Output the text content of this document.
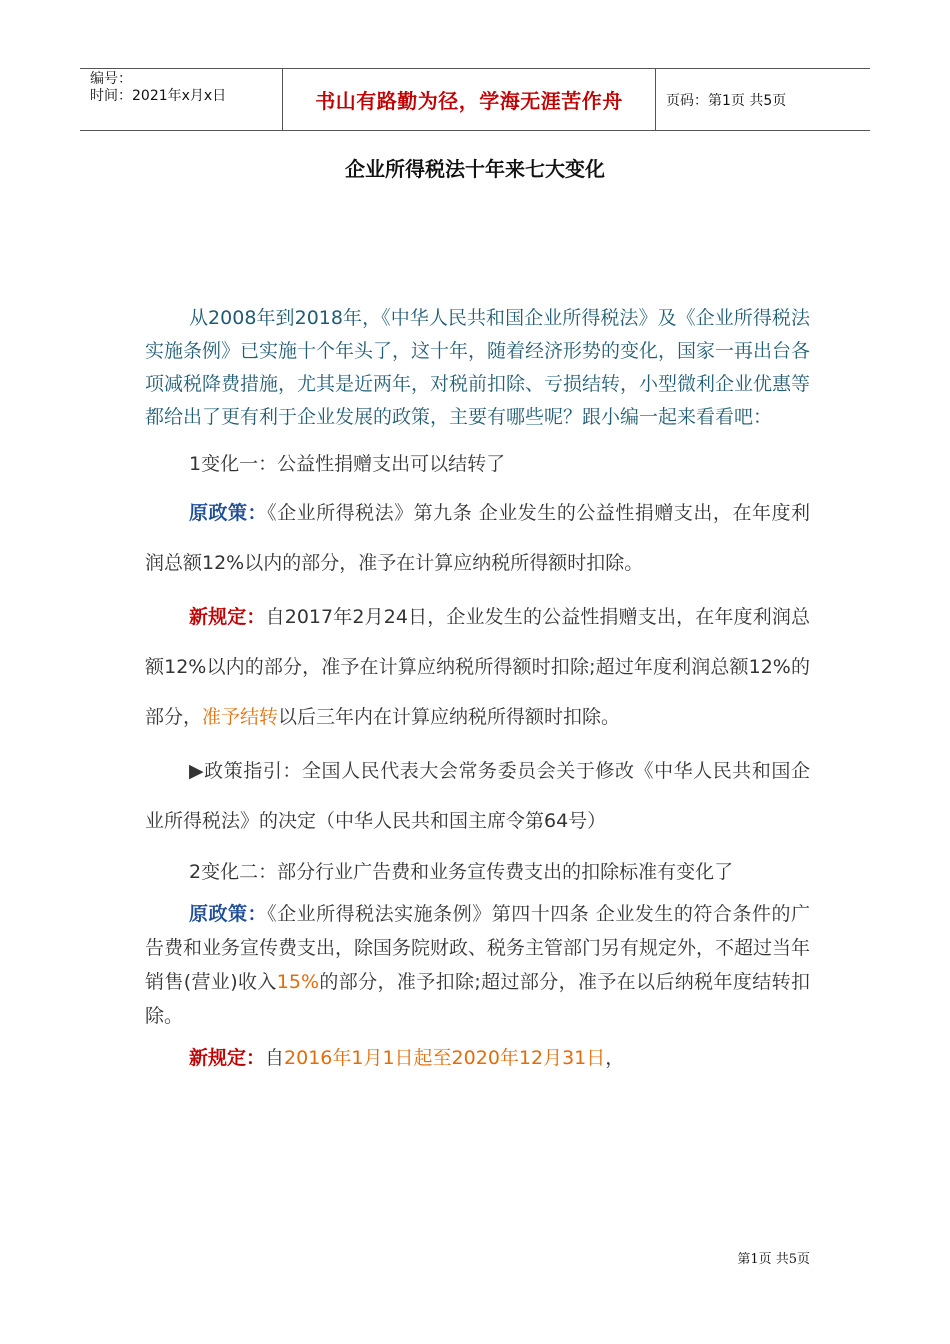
编号：
时间：2021年x月x日	书山有路勤为径，学海无涯苦作舟	页码：第1页 共5页
企业所得税法十年来七大变化

从2008年到2018年，《中华人民共和国企业所得税法》及《企业所得税法实施条例》已实施十个年头了，这十年，随着经济形势的变化，国家一再出台各项减税降费措施，尤其是近两年，对税前扣除、亏损结转，小型微利企业优惠等都给出了更有利于企业发展的政策，主要有哪些呢？跟小编一起来看看吧：

1变化一：公益性捐赠支出可以结转了

原政策：《企业所得税法》第九条 企业发生的公益性捐赠支出，在年度利润总额12%以内的部分，准予在计算应纳税所得额时扣除。

新规定：自2017年2月24日，企业发生的公益性捐赠支出，在年度利润总额12%以内的部分，准予在计算应纳税所得额时扣除;超过年度利润总额12%的部分，准予结转以后三年内在计算应纳税所得额时扣除。

▶政策指引：全国人民代表大会常务委员会关于修改《中华人民共和国企业所得税法》的决定（中华人民共和国主席令第64号）

2变化二：部分行业广告费和业务宣传费支出的扣除标准有变化了

原政策：《企业所得税法实施条例》第四十四条 企业发生的符合条件的广告费和业务宣传费支出，除国务院财政、税务主管部门另有规定外，不超过当年销售(营业)收入15%的部分，准予扣除;超过部分，准予在以后纳税年度结转扣除。

新规定：自2016年1月1日起至2020年12月31日，

第1页 共5页
